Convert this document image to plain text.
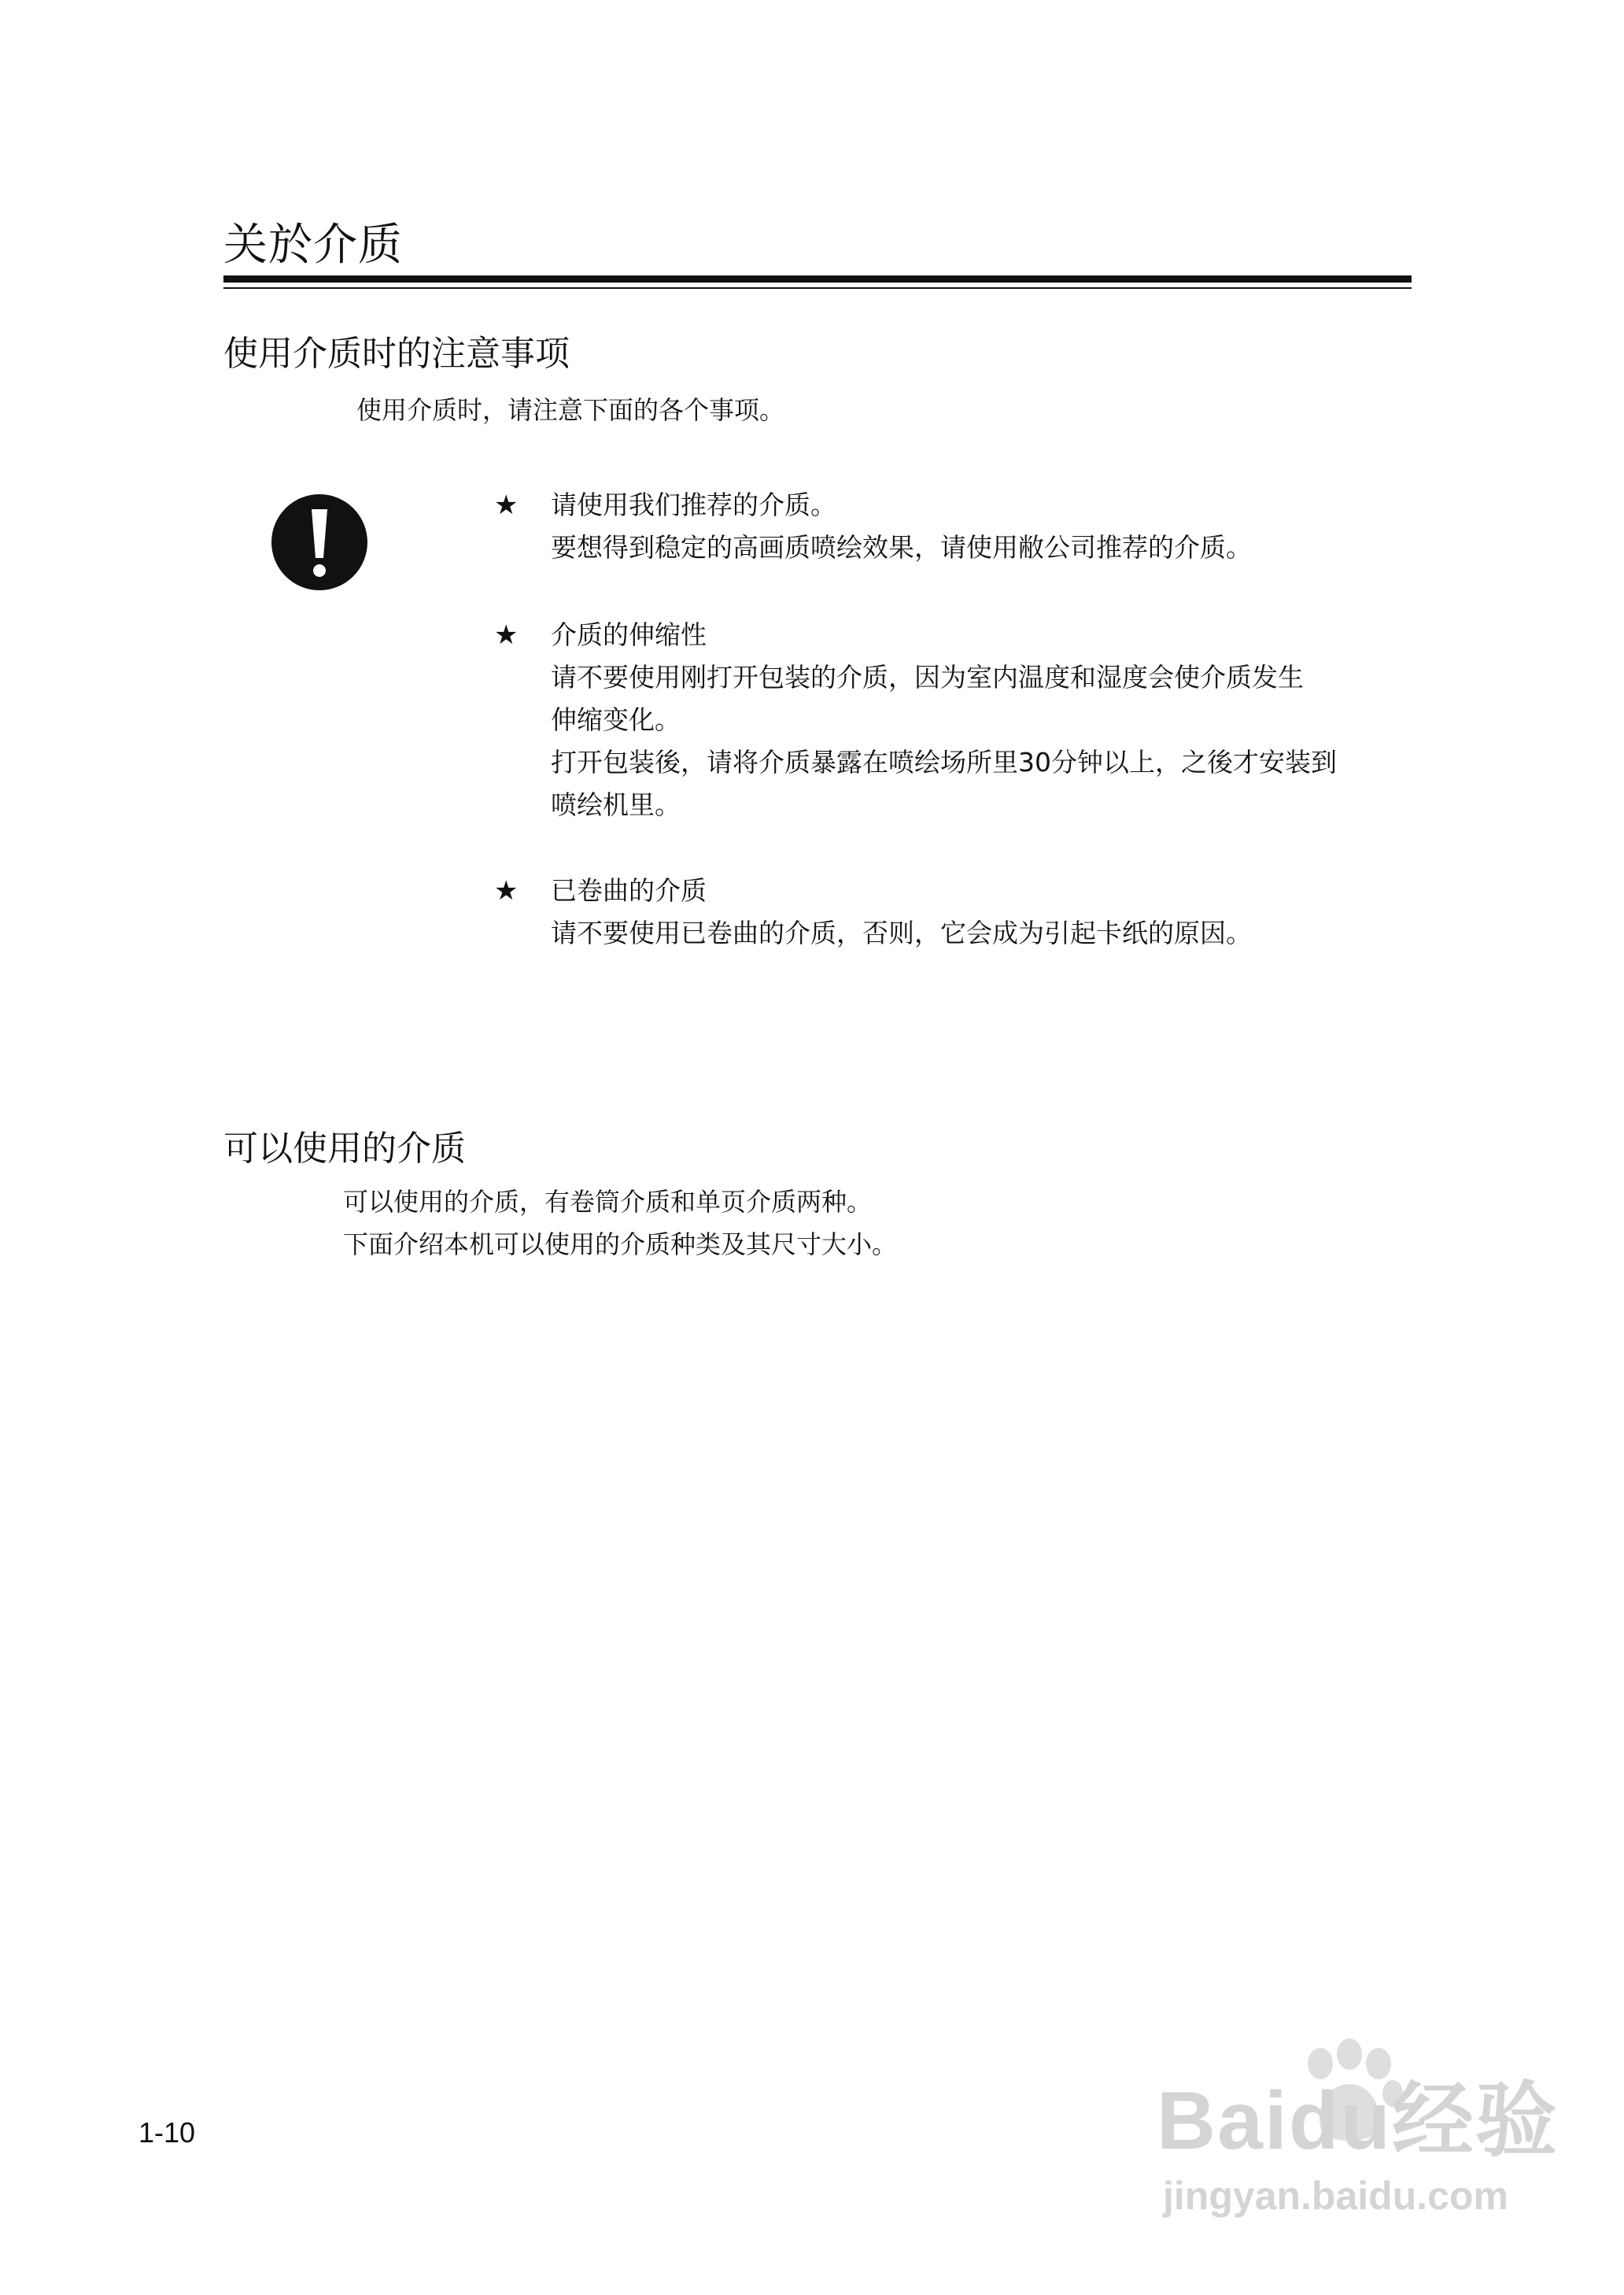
关於介质
使用介质时的注意事项
使用介质时，请注意下面的各个事项。
★	请使用我们推荐的介质。
要想得到稳定的高画质喷绘效果，请使用敝公司推荐的介质。
★	介质的伸缩性
请不要使用刚打开包装的介质，因为室内温度和湿度会使介质发生
伸缩变化。
打开包装後，请将介质暴露在喷绘场所里30分钟以上，之後才安装到
喷绘机里。
★	已卷曲的介质
请不要使用已卷曲的介质，否则，它会成为引起卡纸的原因。
可以使用的介质
可以使用的介质，有卷筒介质和单页介质两种。
下面介绍本机可以使用的介质种类及其尺寸大小。
1-10	Baidu经验
jingyan.baidu.com
